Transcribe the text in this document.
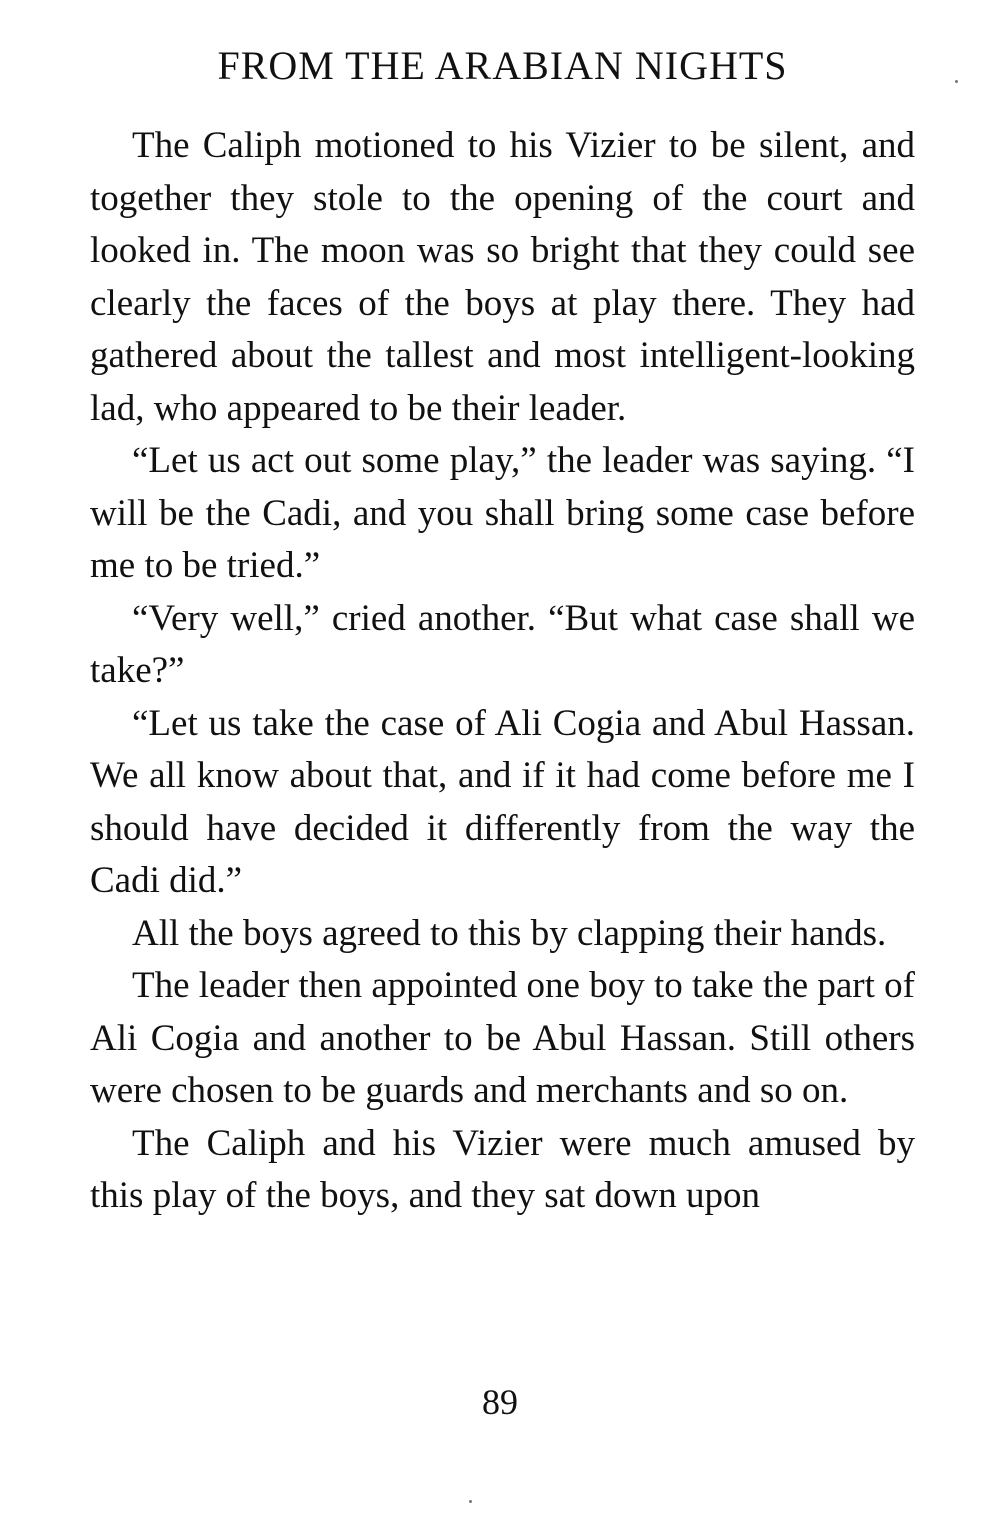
FROM THE ARABIAN NIGHTS

The Caliph motioned to his Vizier to be silent, and together they stole to the opening of the court and looked in. The moon was so bright that they could see clearly the faces of the boys at play there. They had gathered about the tallest and most intelligent-looking lad, who appeared to be their leader.

“Let us act out some play,” the leader was saying. “I will be the Cadi, and you shall bring some case before me to be tried.”

“Very well,” cried another. “But what case shall we take?”

“Let us take the case of Ali Cogia and Abul Hassan. We all know about that, and if it had come before me I should have decided it differently from the way the Cadi did.”

All the boys agreed to this by clapping their hands.

The leader then appointed one boy to take the part of Ali Cogia and another to be Abul Hassan. Still others were chosen to be guards and merchants and so on.

The Caliph and his Vizier were much amused by this play of the boys, and they sat down upon

89
